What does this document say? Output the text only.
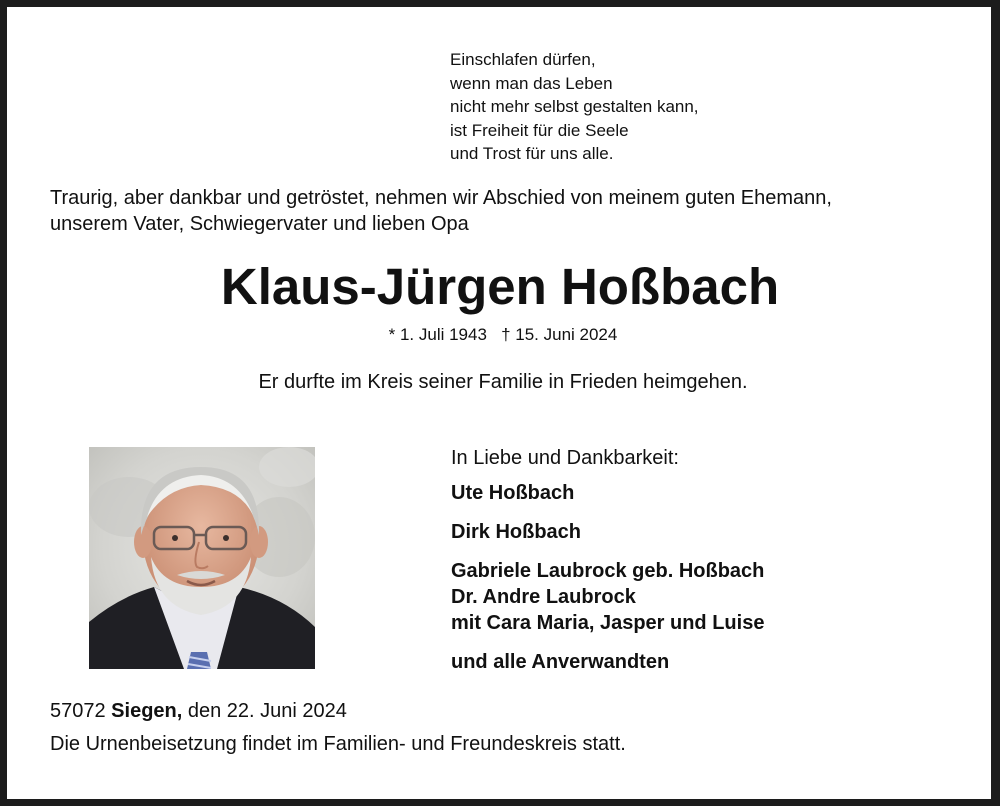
Einschlafen dürfen,
wenn man das Leben
nicht mehr selbst gestalten kann,
ist Freiheit für die Seele
und Trost für uns alle.
Traurig, aber dankbar und getröstet, nehmen wir Abschied von meinem guten Ehemann,
unserem Vater, Schwiegervater und lieben Opa
Klaus-Jürgen Hoßbach
* 1. Juli 1943   † 15. Juni 2024
Er durfte im Kreis seiner Familie in Frieden heimgehen.
In Liebe und Dankbarkeit:
Ute Hoßbach
Dirk Hoßbach
Gabriele Laubrock geb. Hoßbach
Dr. Andre Laubrock
mit Cara Maria, Jasper und Luise
und alle Anverwandten
57072 Siegen, den 22. Juni 2024
Die Urnenbeisetzung findet im Familien- und Freundeskreis statt.
